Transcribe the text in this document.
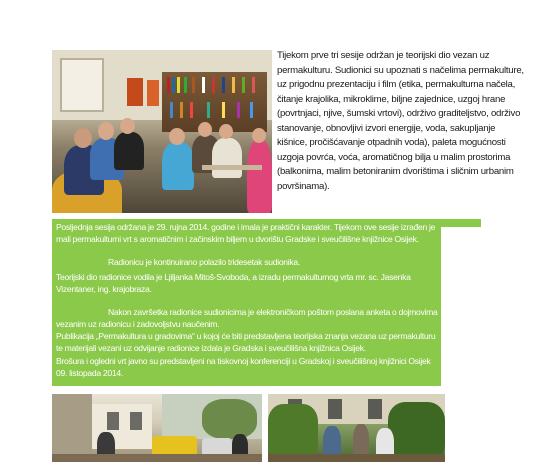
Tijekom prve tri sesije održan je teorijski dio vezan uz permakulturu. Sudionici su upoznati s načelima permakulture, uz prigodnu prezentaciju i film (etika, permakulturna načela, čitanje krajolika, mikroklime, biljne zajednice, uzgoj hrane (povrtnjaci, njive, šumski vrtovi), održivo graditeljstvo, održivo stanovanje, obnovljivi izvori energije, voda, sakupljanje kišnice, pročišćavanje otpadnih voda), paleta mogućnosti uzgoja povrća, voća, aromatičnog bilja u malim prostorima (balkonima, malim betoniranim dvorištima i sličnim urbanim površinama).

Posljednja sesija održana je 29. rujna 2014. godine i imala je praktični karakter. Tijekom ove sesije izrađen je mali permakulturni vrt s aromatičnim i začinskim biljem u dvorištu Gradske i sveučilišne knjižnice Osijek.

Radionicu je kontinuirano polazilo tridesetak sudionika.

Teorijski dio radionice vodila je Ljiljanka Mitoš-Svoboda, a izradu permakulturnog vrta mr. sc. Jasenka Vizentaner, ing. krajobraza.

Nakon završetka radionice sudionicima je elektroničkom poštom poslana anketa o dojmovima vezanim uz radionicu i zadovoljstvu naučenim.

Publikacija „Permakultura u gradovima“ u kojoj će biti predstavljena teorijska znanja vezana uz permakulturu te materijali vezani uz odvijanje radionice izdala je Gradska i sveučilišna knjižnica Osijek.

Brošura i ogledni vrt javno su predstavljeni na tiskovnoj konferenciji u Gradskoj i sveučilišnoj knjižnici Osijek 09. listopada 2014.
